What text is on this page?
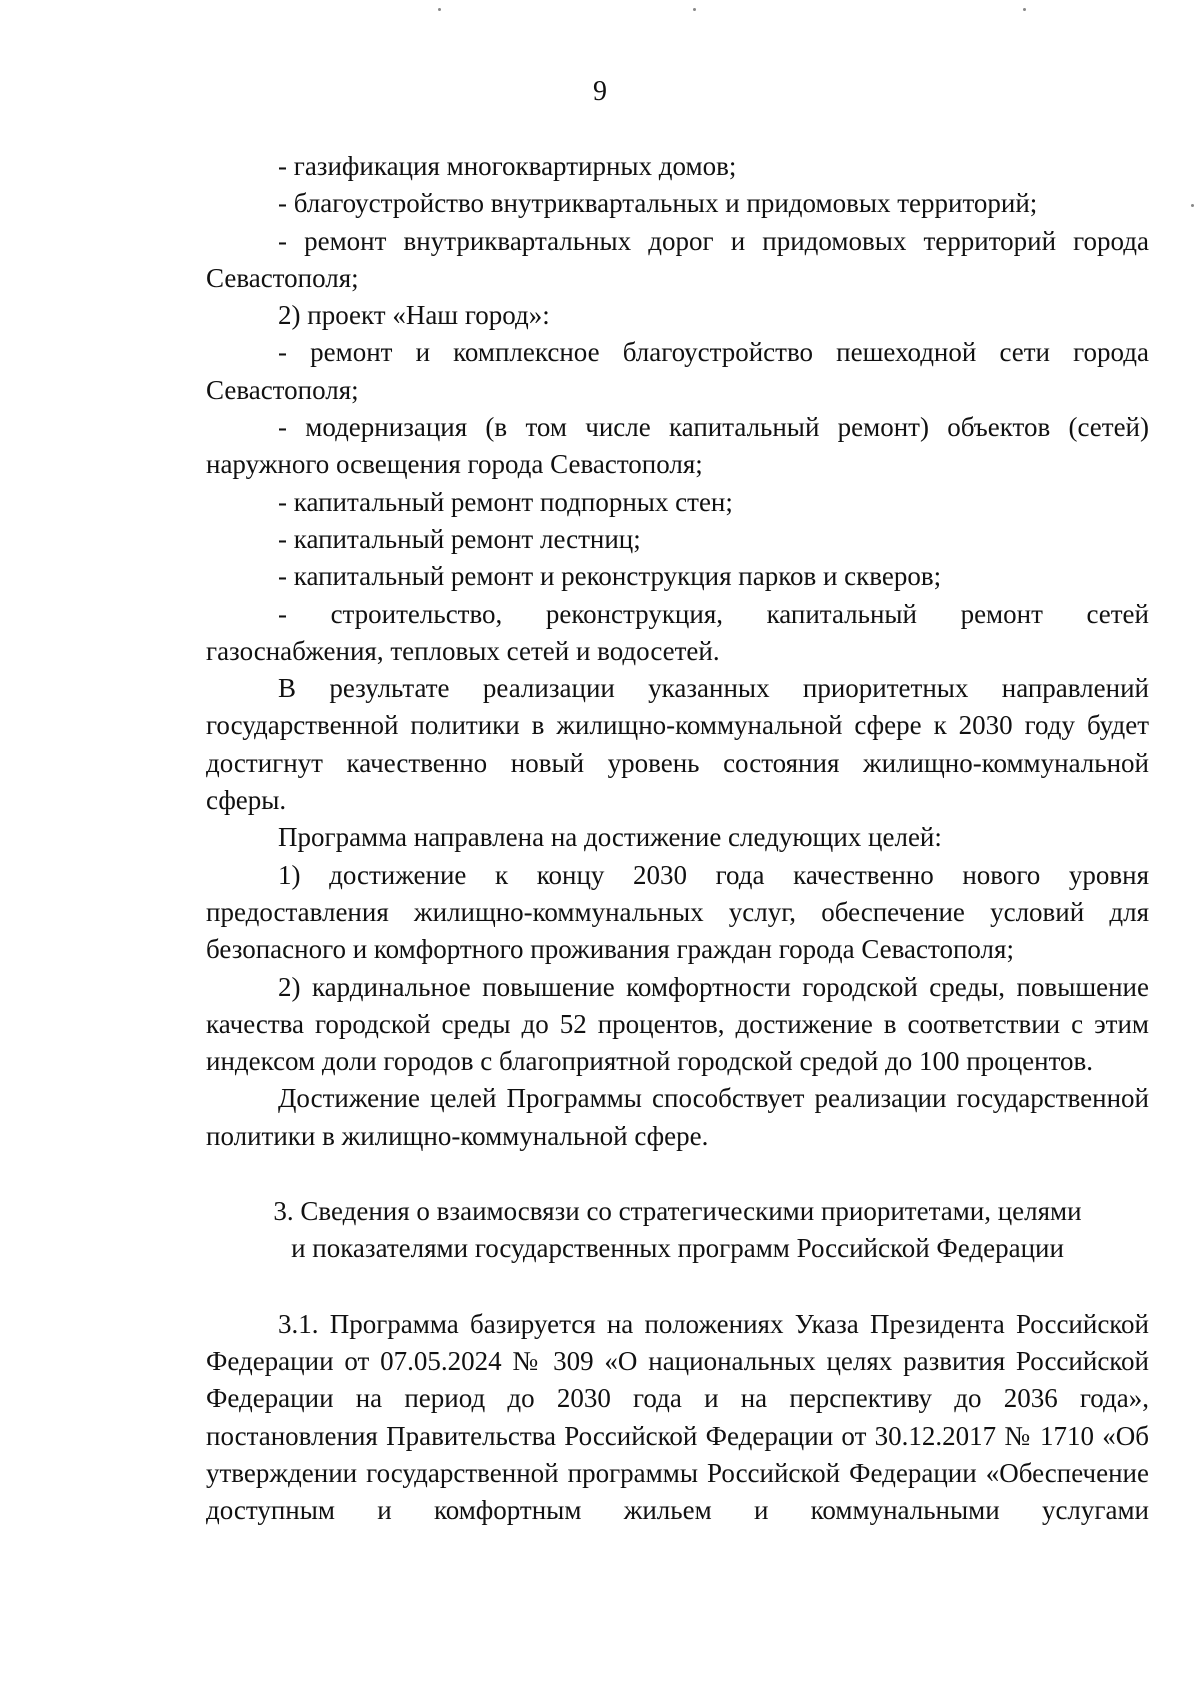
9

- газификация многоквартирных домов;

- благоустройство внутриквартальных и придомовых территорий;

- ремонт внутриквартальных дорог и придомовых территорий города Севастополя;

2) проект «Наш город»:

- ремонт и комплексное благоустройство пешеходной сети города Севастополя;

- модернизация (в том числе капитальный ремонт) объектов (сетей) наружного освещения города Севастополя;

- капитальный ремонт подпорных стен;

- капитальный ремонт лестниц;

- капитальный ремонт и реконструкция парков и скверов;

- строительство, реконструкция, капитальный ремонт сетей газоснабжения, тепловых сетей и водосетей.

В результате реализации указанных приоритетных направлений государственной политики в жилищно-коммунальной сфере к 2030 году будет достигнут качественно новый уровень состояния жилищно-коммунальной сферы.

Программа направлена на достижение следующих целей:

1) достижение к концу 2030 года качественно нового уровня предоставления жилищно-коммунальных услуг, обеспечение условий для безопасного и комфортного проживания граждан города Севастополя;

2) кардинальное повышение комфортности городской среды, повышение качества городской среды до 52 процентов, достижение в соответствии с этим индексом доли городов с благоприятной городской средой до 100 процентов.

Достижение целей Программы способствует реализации государственной политики в жилищно-коммунальной сфере.

3. Сведения о взаимосвязи со стратегическими приоритетами, целями
и показателями государственных программ Российской Федерации

3.1. Программа базируется на положениях Указа Президента Российской Федерации от 07.05.2024 № 309 «О национальных целях развития Российской Федерации на период до 2030 года и на перспективу до 2036 года», постановления Правительства Российской Федерации от 30.12.2017 № 1710 «Об утверждении государственной программы Российской Федерации «Обеспечение доступным и комфортным жильем и коммунальными услугами
